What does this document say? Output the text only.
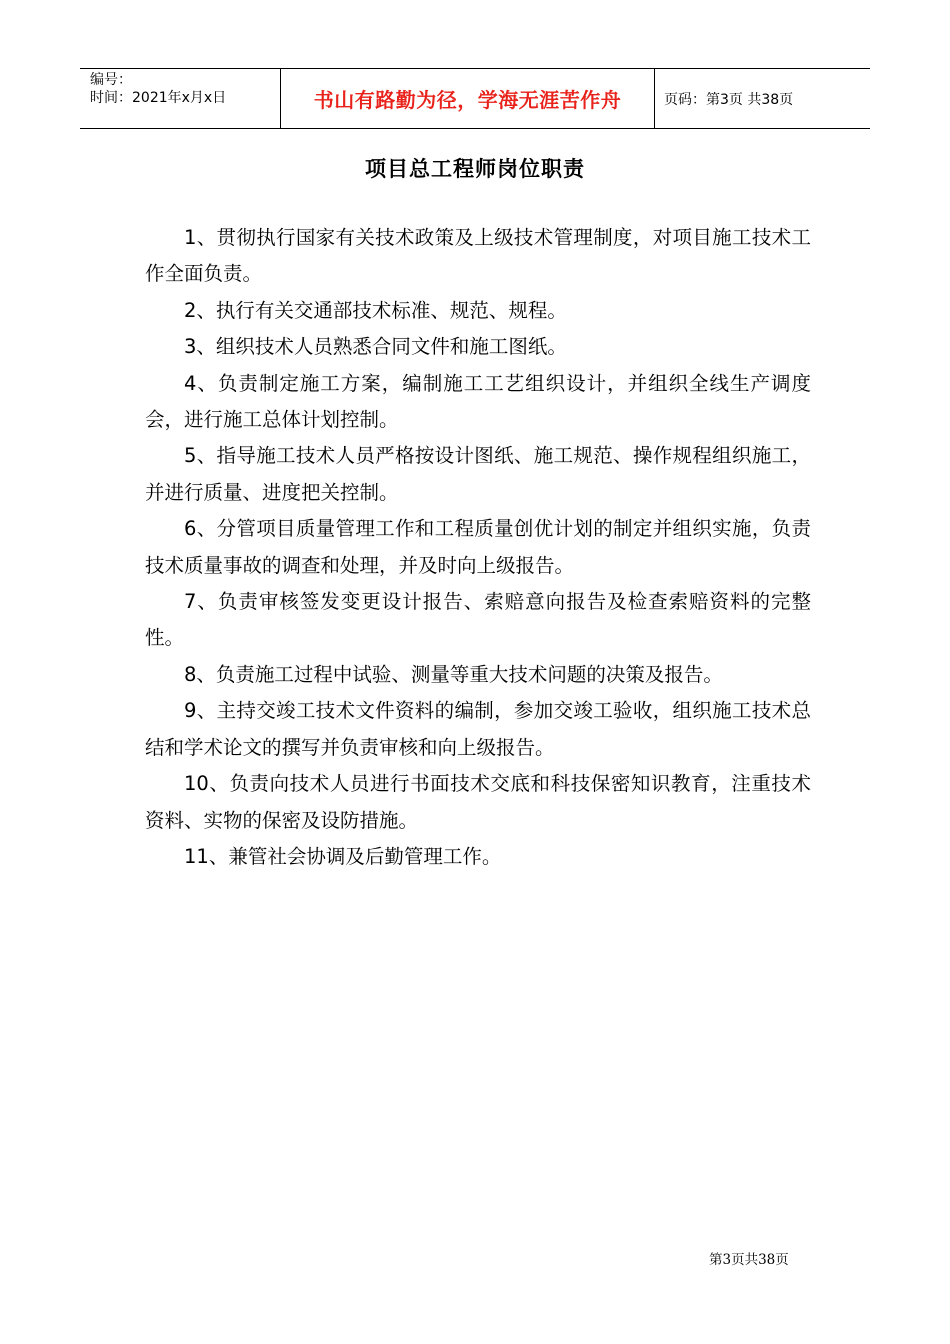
编号：
时间：2021年x月x日	书山有路勤为径，学海无涯苦作舟	页码：第3页 共38页
项目总工程师岗位职责

1、贯彻执行国家有关技术政策及上级技术管理制度，对项目施工技术工作全面负责。

2、执行有关交通部技术标准、规范、规程。

3、组织技术人员熟悉合同文件和施工图纸。

4、负责制定施工方案，编制施工工艺组织设计，并组织全线生产调度会，进行施工总体计划控制。

5、指导施工技术人员严格按设计图纸、施工规范、操作规程组织施工，并进行质量、进度把关控制。

6、分管项目质量管理工作和工程质量创优计划的制定并组织实施，负责技术质量事故的调查和处理，并及时向上级报告。

7、负责审核签发变更设计报告、索赔意向报告及检查索赔资料的完整性。

8、负责施工过程中试验、测量等重大技术问题的决策及报告。

9、主持交竣工技术文件资料的编制，参加交竣工验收，组织施工技术总结和学术论文的撰写并负责审核和向上级报告。

10、负责向技术人员进行书面技术交底和科技保密知识教育，注重技术资料、实物的保密及设防措施。

11、兼管社会协调及后勤管理工作。

第3页共38页
